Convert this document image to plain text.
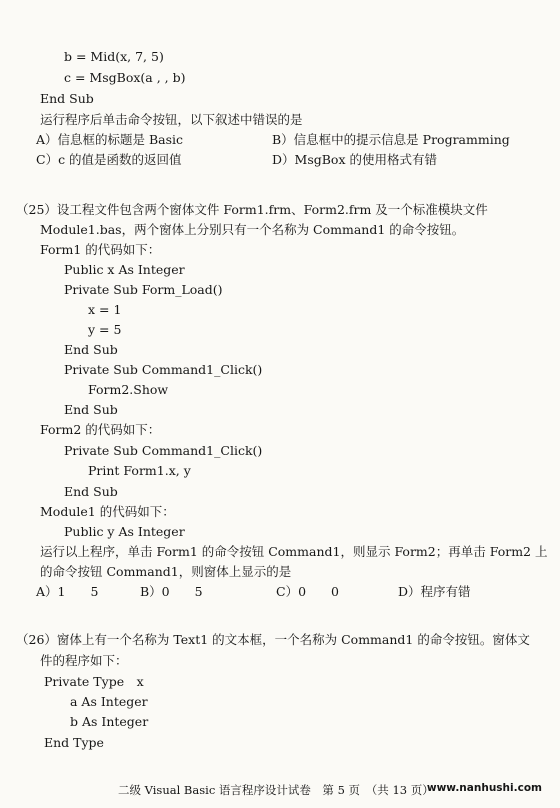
b = Mid(x, 7, 5)
c = MsgBox(a , , b)
End Sub
运行程序后单击命令按钮，以下叙述中错误的是
A）信息框的标题是 Basic	B）信息框中的提示信息是 Programming
C）c 的值是函数的返回值	D）MsgBox 的使用格式有错
（25）设工程文件包含两个窗体文件 Form1.frm、Form2.frm 及一个标准模块文件
Module1.bas，两个窗体上分别只有一个名称为 Command1 的命令按钮。
Form1 的代码如下：
Public x As Integer
Private Sub Form_Load()
x = 1
y = 5
End Sub
Private Sub Command1_Click()
Form2.Show
End Sub
Form2 的代码如下：
Private Sub Command1_Click()
Print Form1.x, y
End Sub
Module1 的代码如下：
Public y As Integer
运行以上程序，单击 Form1 的命令按钮 Command1，则显示 Form2；再单击 Form2 上
的命令按钮 Command1，则窗体上显示的是
A）1　　5	B）0　　5	C）0　　0	D）程序有错
（26）窗体上有一个名称为 Text1 的文本框，一个名称为 Command1 的命令按钮。窗体文
件的程序如下：
Private Type　x
a As Integer
b As Integer
End Type
二级 Visual Basic 语言程序设计试卷　第 5 页　（共 13 页）
www.nanhushi.com
